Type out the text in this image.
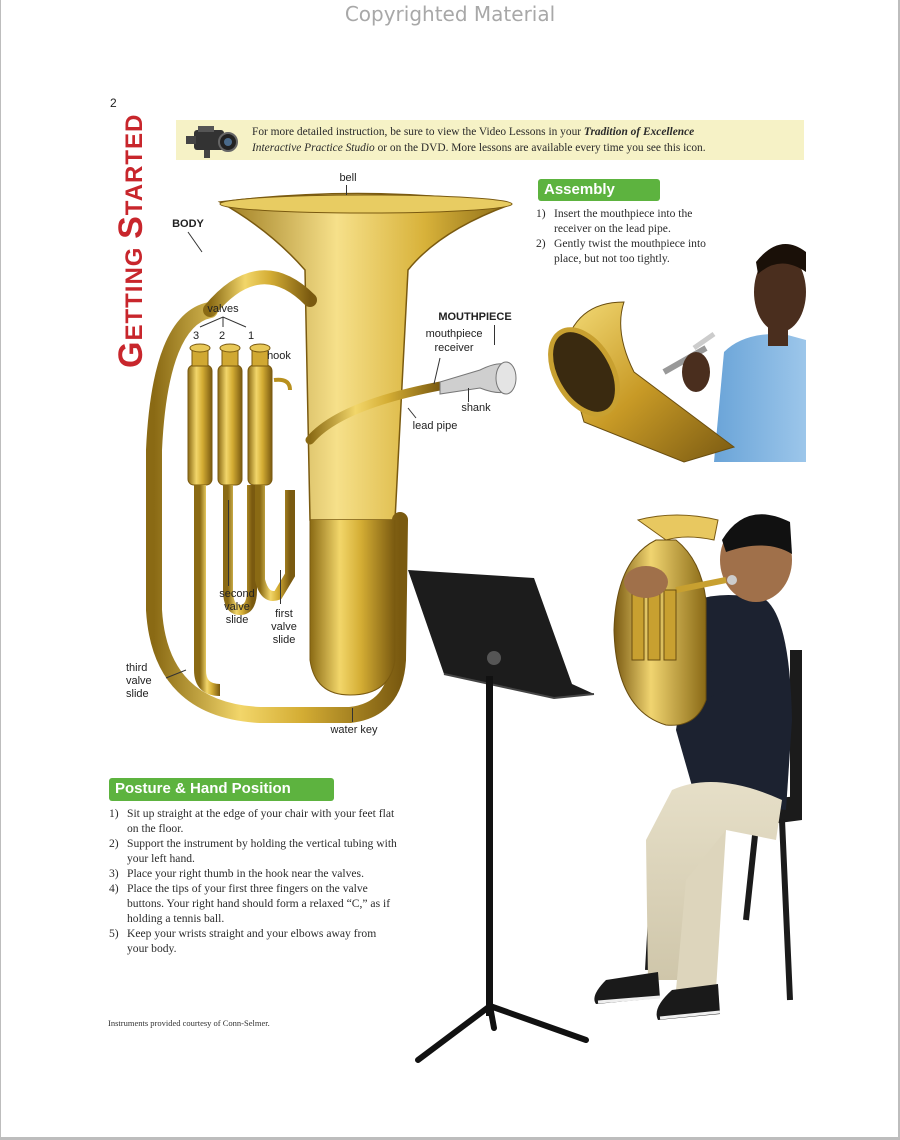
Copyrighted Material
2
GETTING STARTED	For more detailed instruction, be sure to view the Video Lessons in your Tradition of Excellence
Interactive Practice Studio or on the DVD. More lessons are available every time you see this icon.
bell
BODY
valves
3 2 1
hook
MOUTHPIECE
mouthpiece
receiver
shank
lead pipe
second
valve
slide	first
valve
slide
third
valve
slide
water key
Assembly
1) Insert the mouthpiece into the receiver on the lead pipe.
2) Gently twist the mouthpiece into place, but not too tightly.
Posture & Hand Position
1) Sit up straight at the edge of your chair with your feet flat on the floor.
2) Support the instrument by holding the vertical tubing with your left hand.
3) Place your right thumb in the hook near the valves.
4) Place the tips of your first three fingers on the valve buttons. Your right hand should form a relaxed “C,” as if holding a tennis ball.
5) Keep your wrists straight and your elbows away from your body.
Instruments provided courtesy of Conn-Selmer.
